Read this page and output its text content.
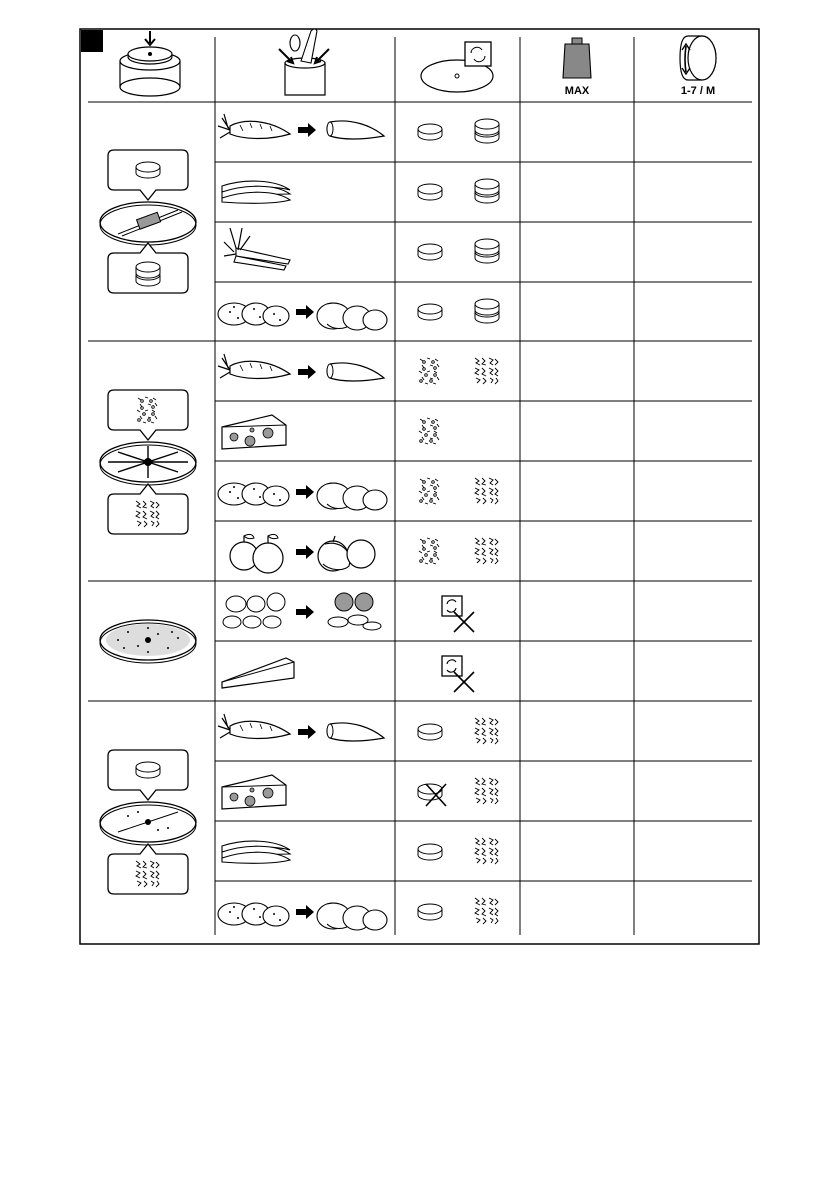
MAX	1-7 / M
